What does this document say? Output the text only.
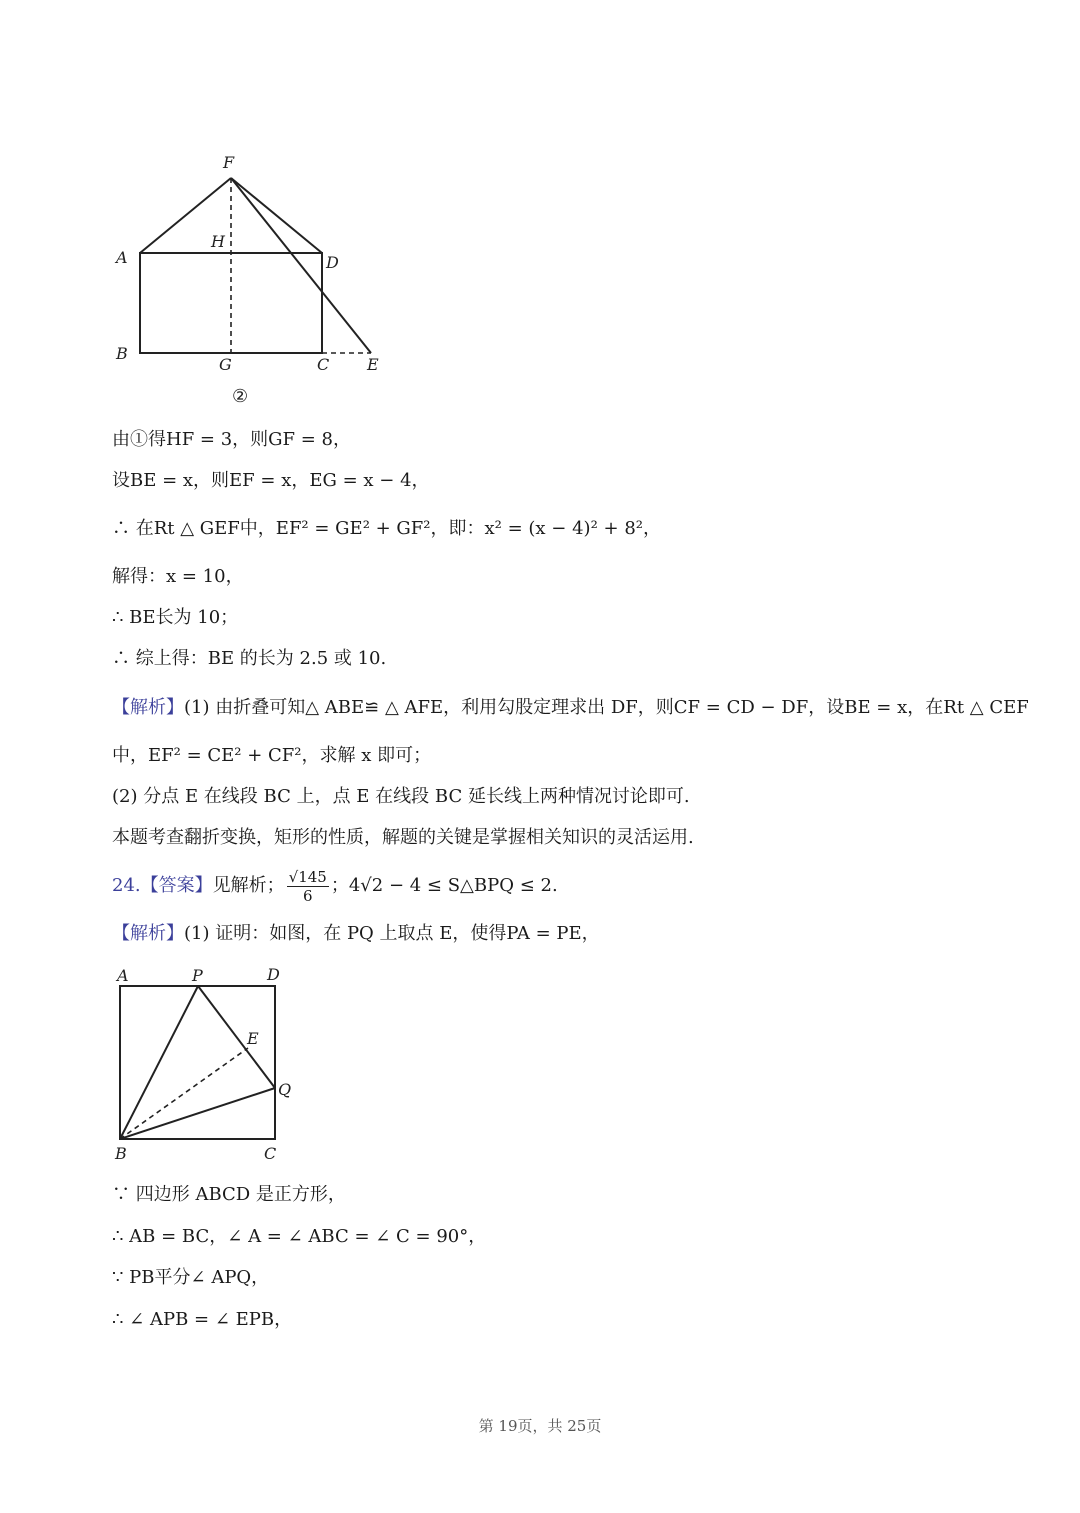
F
H
A	D
B
G	C E
②
由①得HF = 3，则GF = 8，
设BE = x，则EF = x，EG = x − 4，
∴ 在Rt △ GEF中，EF² = GE² + GF²，即：x² = (x − 4)² + 8²，
解得：x = 10，
∴ BE长为 10；
∴ 综上得：BE 的长为 2.5 或 10.
【解析】(1) 由折叠可知△ ABE≌ △ AFE，利用勾股定理求出 DF，则CF = CD − DF，设BE = x，在Rt △ CEF
中，EF² = CE² + CF²，求解 x 即可；
(2) 分点 E 在线段 BC 上，点 E 在线段 BC 延长线上两种情况讨论即可.
本题考查翻折变换，矩形的性质，解题的关键是掌握相关知识的灵活运用.
24.【答案】见解析； $\frac{√145}{6}$ ；4√2 − 4 ≤ S△BPQ ≤ 2.
【解析】(1) 证明：如图，在 PQ 上取点 E，使得PA = PE，
A	P	D
E
Q
B	C
∵ 四边形 ABCD 是正方形，
∴ AB = BC，∠ A = ∠ ABC = ∠ C = 90°，
∵ PB平分∠ APQ，
∴ ∠ APB = ∠ EPB，
第 19页，共 25页
